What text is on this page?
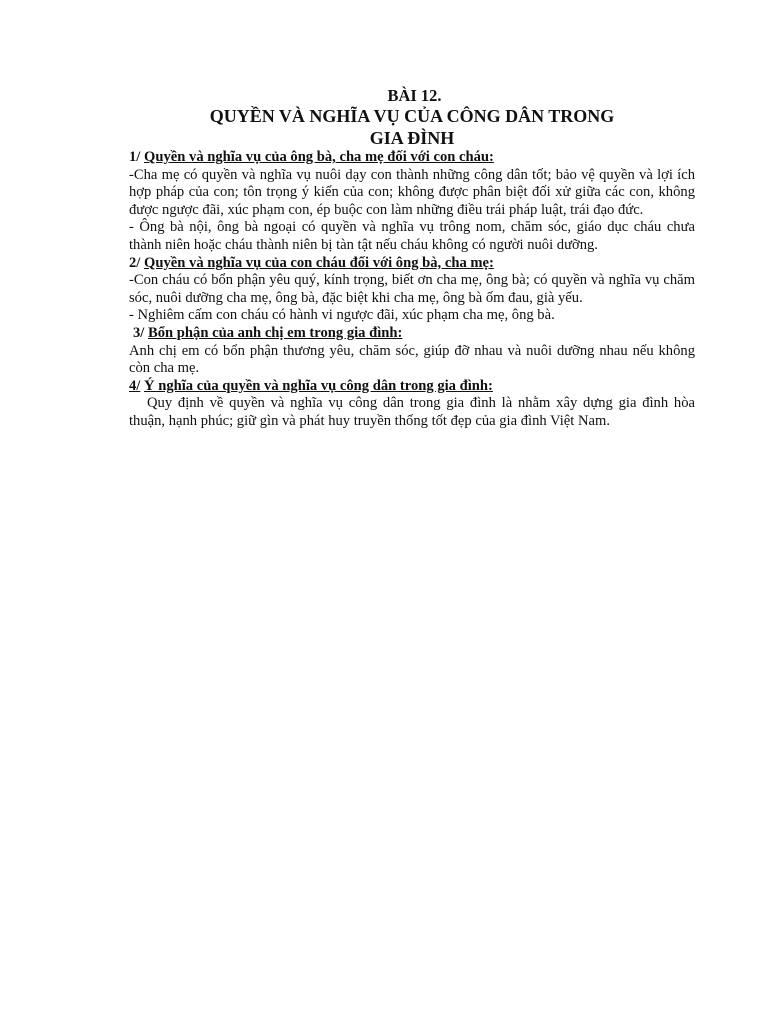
BÀI 12.
QUYỀN VÀ NGHĨA VỤ CỦA CÔNG DÂN TRONG
GIA ĐÌNH
1/ Quyền và nghĩa vụ của ông bà, cha mẹ đối với con cháu:

-Cha mẹ có quyền và nghĩa vụ nuôi dạy con thành những công dân tốt; bảo vệ quyền và lợi ích hợp pháp của con; tôn trọng ý kiến của con; không được phân biệt đối xử giữa các con, không được ngược đãi, xúc phạm con, ép buộc con làm những điều trái pháp luật, trái đạo đức.

- Ông bà nội, ông bà ngoại có quyền và nghĩa vụ trông nom, chăm sóc, giáo dục cháu chưa thành niên hoặc cháu thành niên bị tàn tật nếu cháu không có người nuôi dưỡng.

2/ Quyền và nghĩa vụ của con cháu đối với ông bà, cha mẹ:

-Con cháu có bổn phận yêu quý, kính trọng, biết ơn cha mẹ, ông bà; có quyền và nghĩa vụ chăm sóc, nuôi dưỡng cha mẹ, ông bà, đặc biệt khi cha mẹ, ông bà ốm đau, già yếu.

- Nghiêm cấm con cháu có hành vi ngược đãi, xúc phạm cha mẹ, ông bà.

3/ Bổn phận của anh chị em trong gia đình:

Anh chị em có bổn phận thương yêu, chăm sóc, giúp đỡ nhau và nuôi dưỡng nhau nếu không còn cha mẹ.

4/ Ý nghĩa của quyền và nghĩa vụ công dân trong gia đình:

Quy định về quyền và nghĩa vụ công dân trong gia đình là nhằm xây dựng gia đình hòa thuận, hạnh phúc; giữ gìn và phát huy truyền thống tốt đẹp của gia đình Việt Nam.
